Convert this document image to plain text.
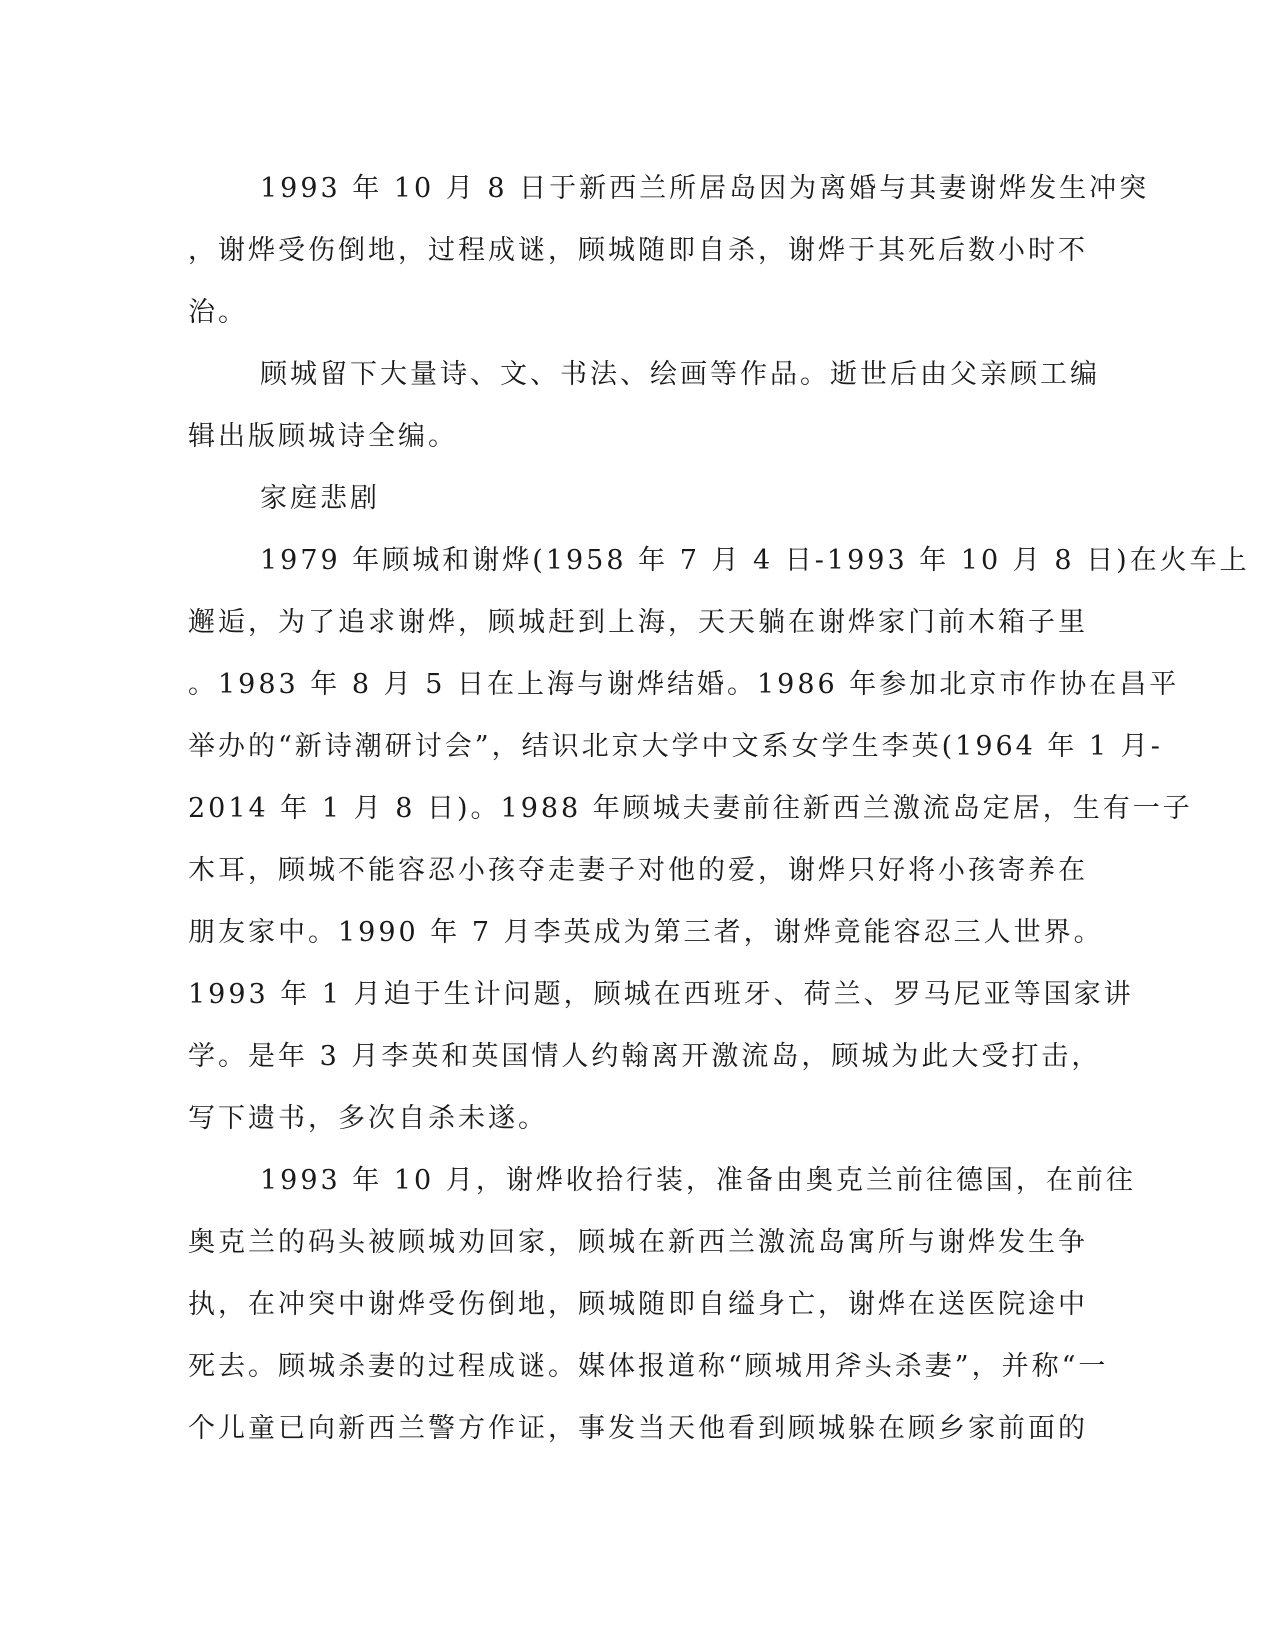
1993 年 10 月 8 日于新西兰所居岛因为离婚与其妻谢烨发生冲突
，谢烨受伤倒地，过程成谜，顾城随即自杀，谢烨于其死后数小时不
治。
顾城留下大量诗、文、书法、绘画等作品。逝世后由父亲顾工编
辑出版顾城诗全编。
家庭悲剧
1979 年顾城和谢烨(1958 年 7 月 4 日-1993 年 10 月 8 日)在火车上
邂逅，为了追求谢烨，顾城赶到上海，天天躺在谢烨家门前木箱子里
。1983 年 8 月 5 日在上海与谢烨结婚。1986 年参加北京市作协在昌平
举办的“新诗潮研讨会”，结识北京大学中文系女学生李英(1964 年 1 月-
2014 年 1 月 8 日)。1988 年顾城夫妻前往新西兰激流岛定居，生有一子
木耳，顾城不能容忍小孩夺走妻子对他的爱，谢烨只好将小孩寄养在
朋友家中。1990 年 7 月李英成为第三者，谢烨竟能容忍三人世界。
1993 年 1 月迫于生计问题，顾城在西班牙、荷兰、罗马尼亚等国家讲
学。是年 3 月李英和英国情人约翰离开激流岛，顾城为此大受打击，
写下遗书，多次自杀未遂。
1993 年 10 月，谢烨收拾行装，准备由奥克兰前往德国，在前往
奥克兰的码头被顾城劝回家，顾城在新西兰激流岛寓所与谢烨发生争
执，在冲突中谢烨受伤倒地，顾城随即自缢身亡，谢烨在送医院途中
死去。顾城杀妻的过程成谜。媒体报道称“顾城用斧头杀妻”，并称“一
个儿童已向新西兰警方作证，事发当天他看到顾城躲在顾乡家前面的
